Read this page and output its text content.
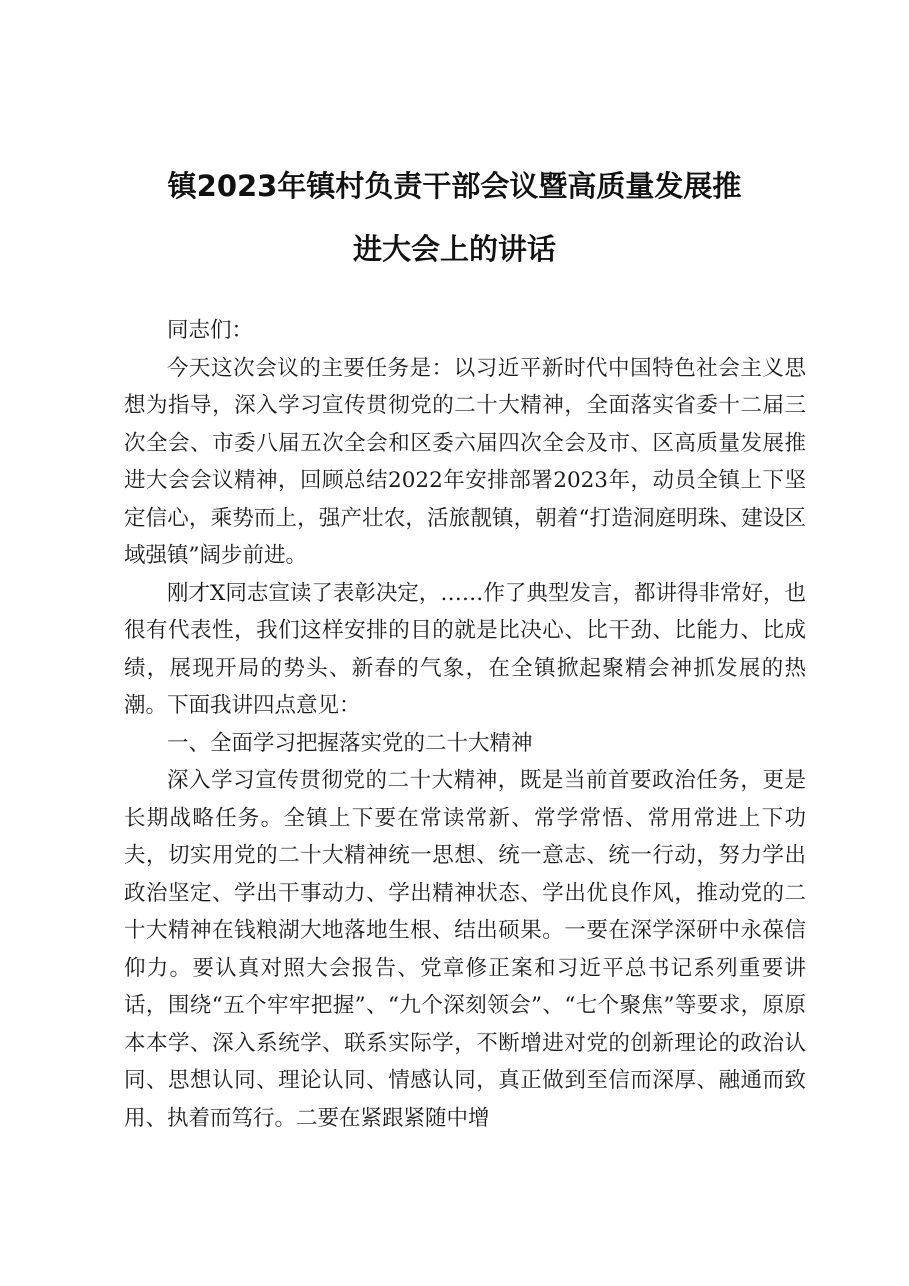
镇2023年镇村负责干部会议暨高质量发展推
进大会上的讲话

同志们：

今天这次会议的主要任务是：以习近平新时代中国特色社会主义思想为指导，深入学习宣传贯彻党的二十大精神，全面落实省委十二届三次全会、市委八届五次全会和区委六届四次全会及市、区高质量发展推进大会会议精神，回顾总结2022年安排部署2023年，动员全镇上下坚定信心，乘势而上，强产壮农，活旅靓镇，朝着“打造洞庭明珠、建设区域强镇”阔步前进。

刚才X同志宣读了表彰决定，……作了典型发言，都讲得非常好，也很有代表性，我们这样安排的目的就是比决心、比干劲、比能力、比成绩，展现开局的势头、新春的气象，在全镇掀起聚精会神抓发展的热潮。下面我讲四点意见：

一、全面学习把握落实党的二十大精神

深入学习宣传贯彻党的二十大精神，既是当前首要政治任务，更是长期战略任务。全镇上下要在常读常新、常学常悟、常用常进上下功夫，切实用党的二十大精神统一思想、统一意志、统一行动，努力学出政治坚定、学出干事动力、学出精神状态、学出优良作风，推动党的二十大精神在钱粮湖大地落地生根、结出硕果。一要在深学深研中永葆信仰力。要认真对照大会报告、党章修正案和习近平总书记系列重要讲话，围绕“五个牢牢把握”、“九个深刻领会”、“七个聚焦”等要求，原原本本学、深入系统学、联系实际学，不断增进对党的创新理论的政治认同、思想认同、理论认同、情感认同，真正做到至信而深厚、融通而致用、执着而笃行。二要在紧跟紧随中增
